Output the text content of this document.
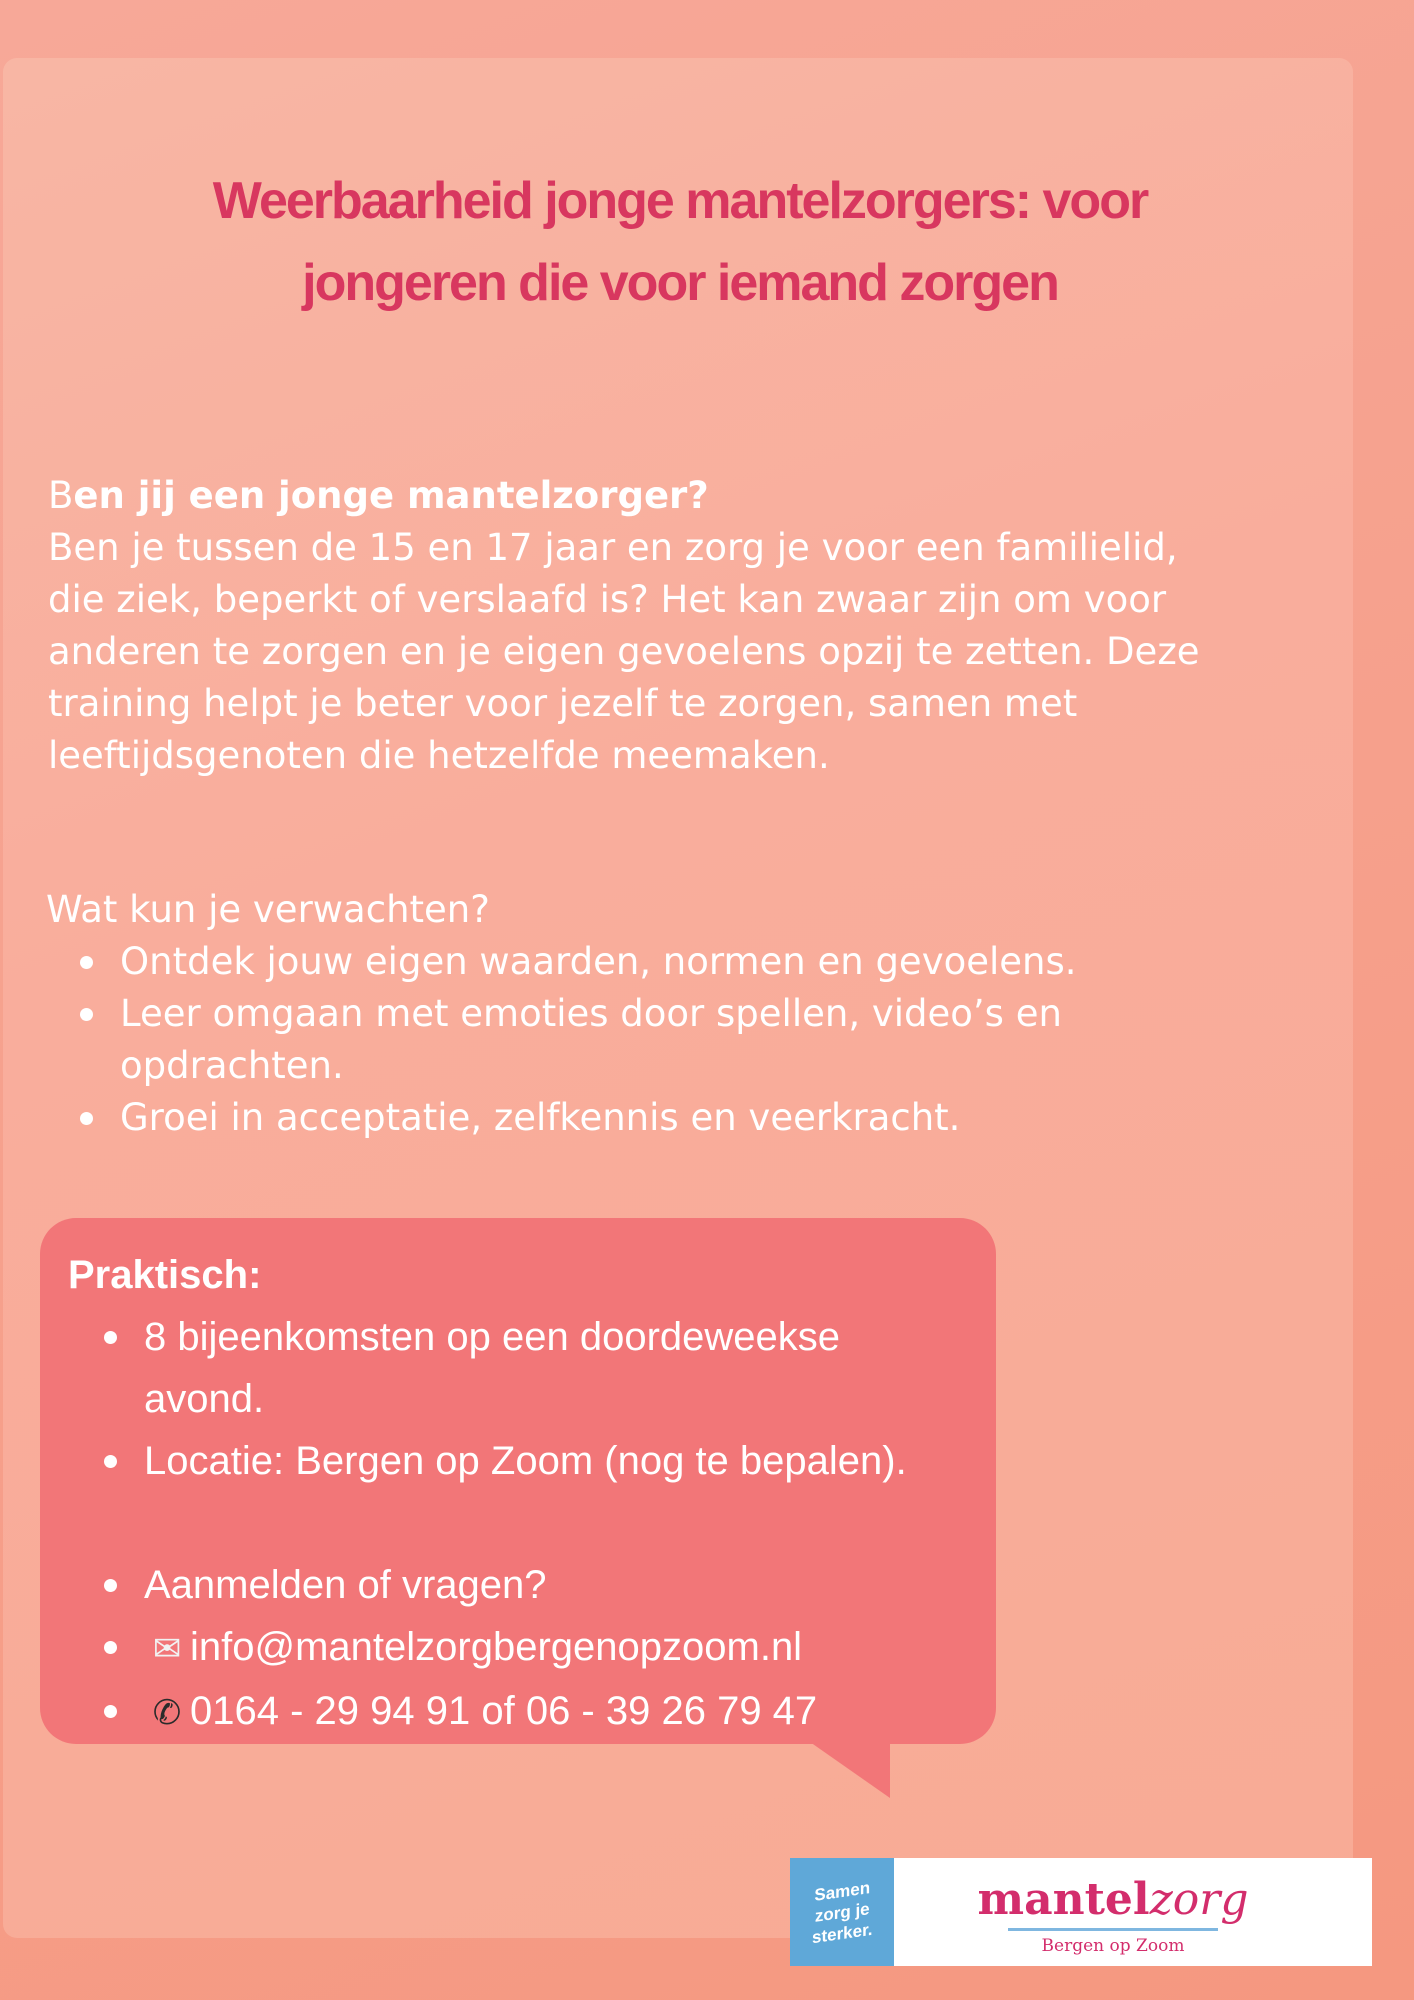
Weerbaarheid jonge mantelzorgers: voor
jongeren die voor iemand zorgen

Ben jij een jonge mantelzorger?

Ben je tussen de 15 en 17 jaar en zorg je voor een familielid,

die ziek, beperkt of verslaafd is? Het kan zwaar zijn om voor

anderen te zorgen en je eigen gevoelens opzij te zetten. Deze

training helpt je beter voor jezelf te zorgen, samen met

leeftijdsgenoten die hetzelfde meemaken.

Wat kun je verwachten?
Ontdek jouw eigen waarden, normen en gevoelens.
Leer omgaan met emoties door spellen, video’s en opdrachten.
Groei in acceptatie, zelfkennis en veerkracht.
Praktisch:
8 bijeenkomsten op een doordeweekse avond.
Locatie: Bergen op Zoom (nog te bepalen).
Aanmelden of vragen?
✉ info@mantelzorgbergenopzoom.nl
✆ 0164 - 29 94 91 of 06 - 39 26 79 47
Samen
zorg je
sterker.
mantelzorg
Bergen op Zoom
